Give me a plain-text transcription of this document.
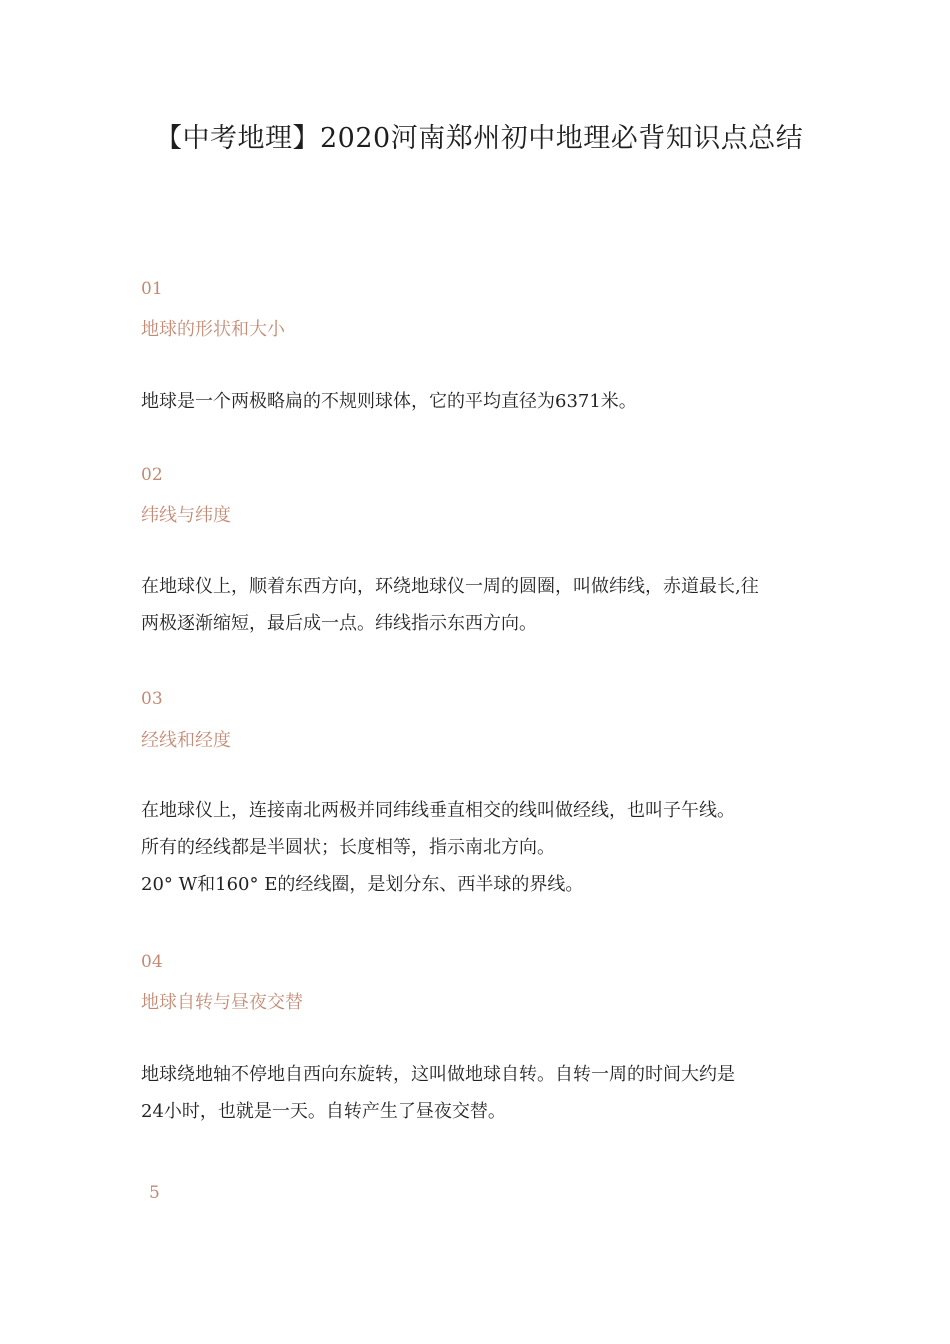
【中考地理】2020河南郑州初中地理必背知识点总结
01
地球的形状和大小
地球是一个两极略扁的不规则球体，它的平均直径为6371米。
02
纬线与纬度
在地球仪上，顺着东西方向，环绕地球仪一周的圆圈，叫做纬线，赤道最长,往
两极逐渐缩短，最后成一点。纬线指示东西方向。
03
经线和经度
在地球仪上，连接南北两极并同纬线垂直相交的线叫做经线，也叫子午线。
所有的经线都是半圆状；长度相等，指示南北方向。
20° W和160° E的经线圈，是划分东、西半球的界线。
04
地球自转与昼夜交替
地球绕地轴不停地自西向东旋转，这叫做地球自转。自转一周的时间大约是
24小时，也就是一天。自转产生了昼夜交替。
5
